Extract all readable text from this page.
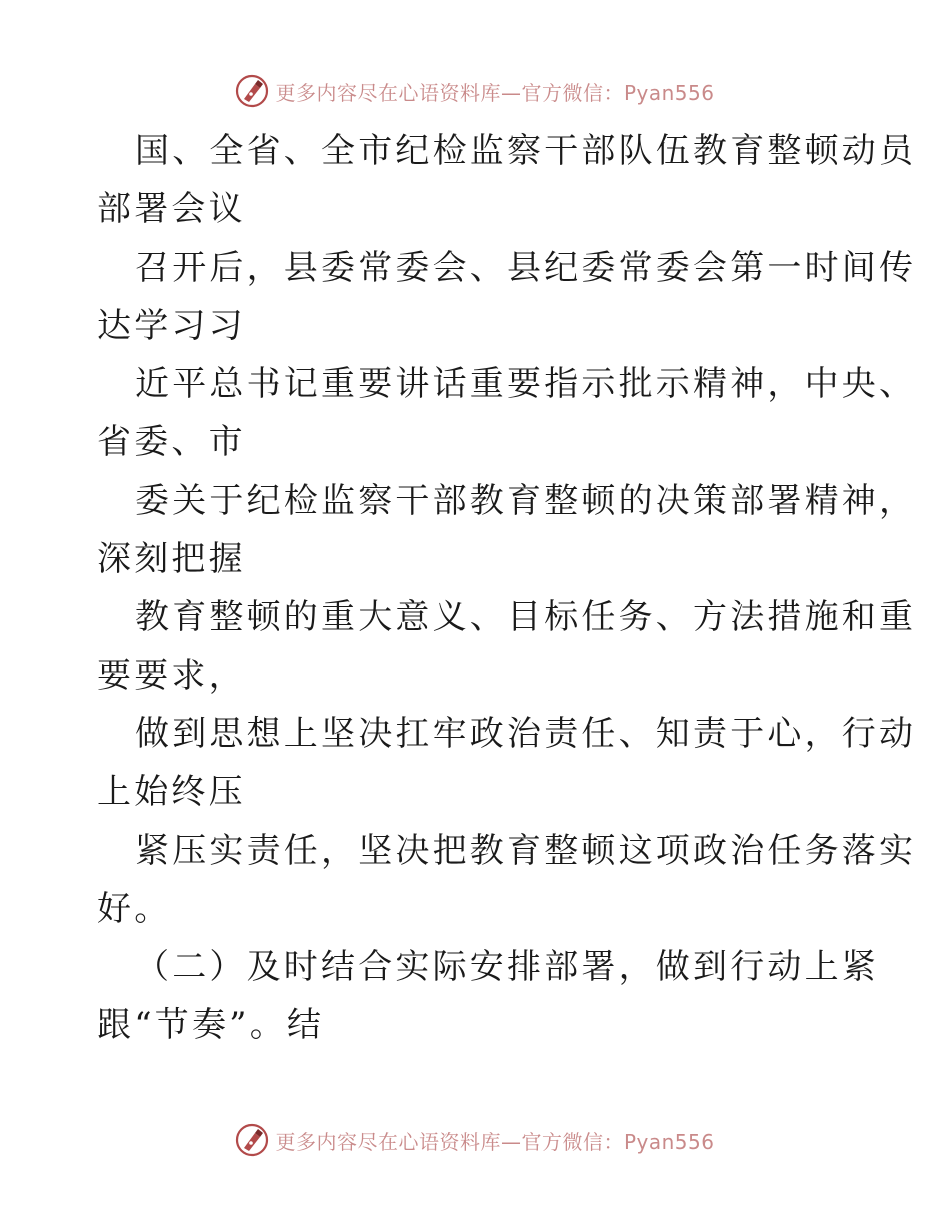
更多内容尽在心语资料库—官方微信：Pyan556
国、全省、全市纪检监察干部队伍教育整顿动员
部署会议
召开后，县委常委会、县纪委常委会第一时间传
达学习习
近平总书记重要讲话重要指示批示精神，中央、
省委、市
委关于纪检监察干部教育整顿的决策部署精神，
深刻把握
教育整顿的重大意义、目标任务、方法措施和重
要要求，
做到思想上坚决扛牢政治责任、知责于心，行动
上始终压
紧压实责任，坚决把教育整顿这项政治任务落实
好。
（二）及时结合实际安排部署，做到行动上紧
跟“节奏”。结
更多内容尽在心语资料库—官方微信：Pyan556
